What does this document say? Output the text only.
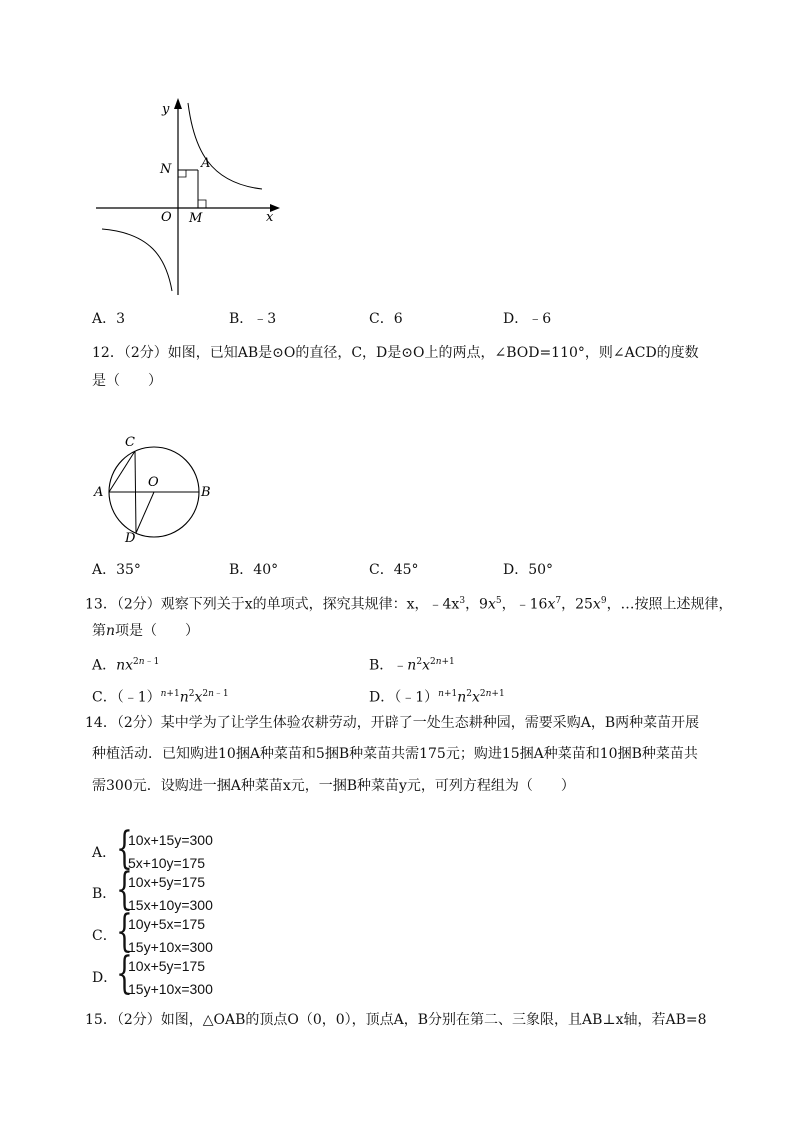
y
x
N A
O M
A．3	B．﹣3	C．6	D．﹣6
12．（2分）如图，已知AB是⊙O的直径，C，D是⊙O上的两点，∠BOD=110°，则∠ACD的度数
是（　　）
C
A
O
B
D
A．35°	B．40°	C．45°	D．50°
13．（2分）观察下列关于x的单项式，探究其规律：x，$﹣4x^3$，$9x^5$，$﹣16x^7$，$25x^9$，…按照上述规律，
第n项是（　　）
A．$nx^{2n﹣1}$	B．$﹣n^2x^{2n+1}$
C．$(﹣1)^{n+1}n^2x^{2n﹣1}$	D．$(﹣1)^{n+1}n^2x^{2n+1}$
14．（2分）某中学为了让学生体验农耕劳动，开辟了一处生态耕种园，需要采购A，B两种菜苗开展
种植活动．已知购进10捆A种菜苗和5捆B种菜苗共需175元；购进15捆A种菜苗和10捆B种菜苗共
需300元．设购进一捆A种菜苗x元，一捆B种菜苗y元，可列方程组为（　　）
A． {
10x+15y=300
5x+10y=175
B． {
10x+5y=175
15x+10y=300
C． {
10y+5x=175
15y+10x=300
D．
{
10x+5y=175
15y+10x=300
15．（2分）如图，△OAB的顶点O（0，0），顶点A，B分别在第二、三象限，且AB⊥x轴，若AB=8
